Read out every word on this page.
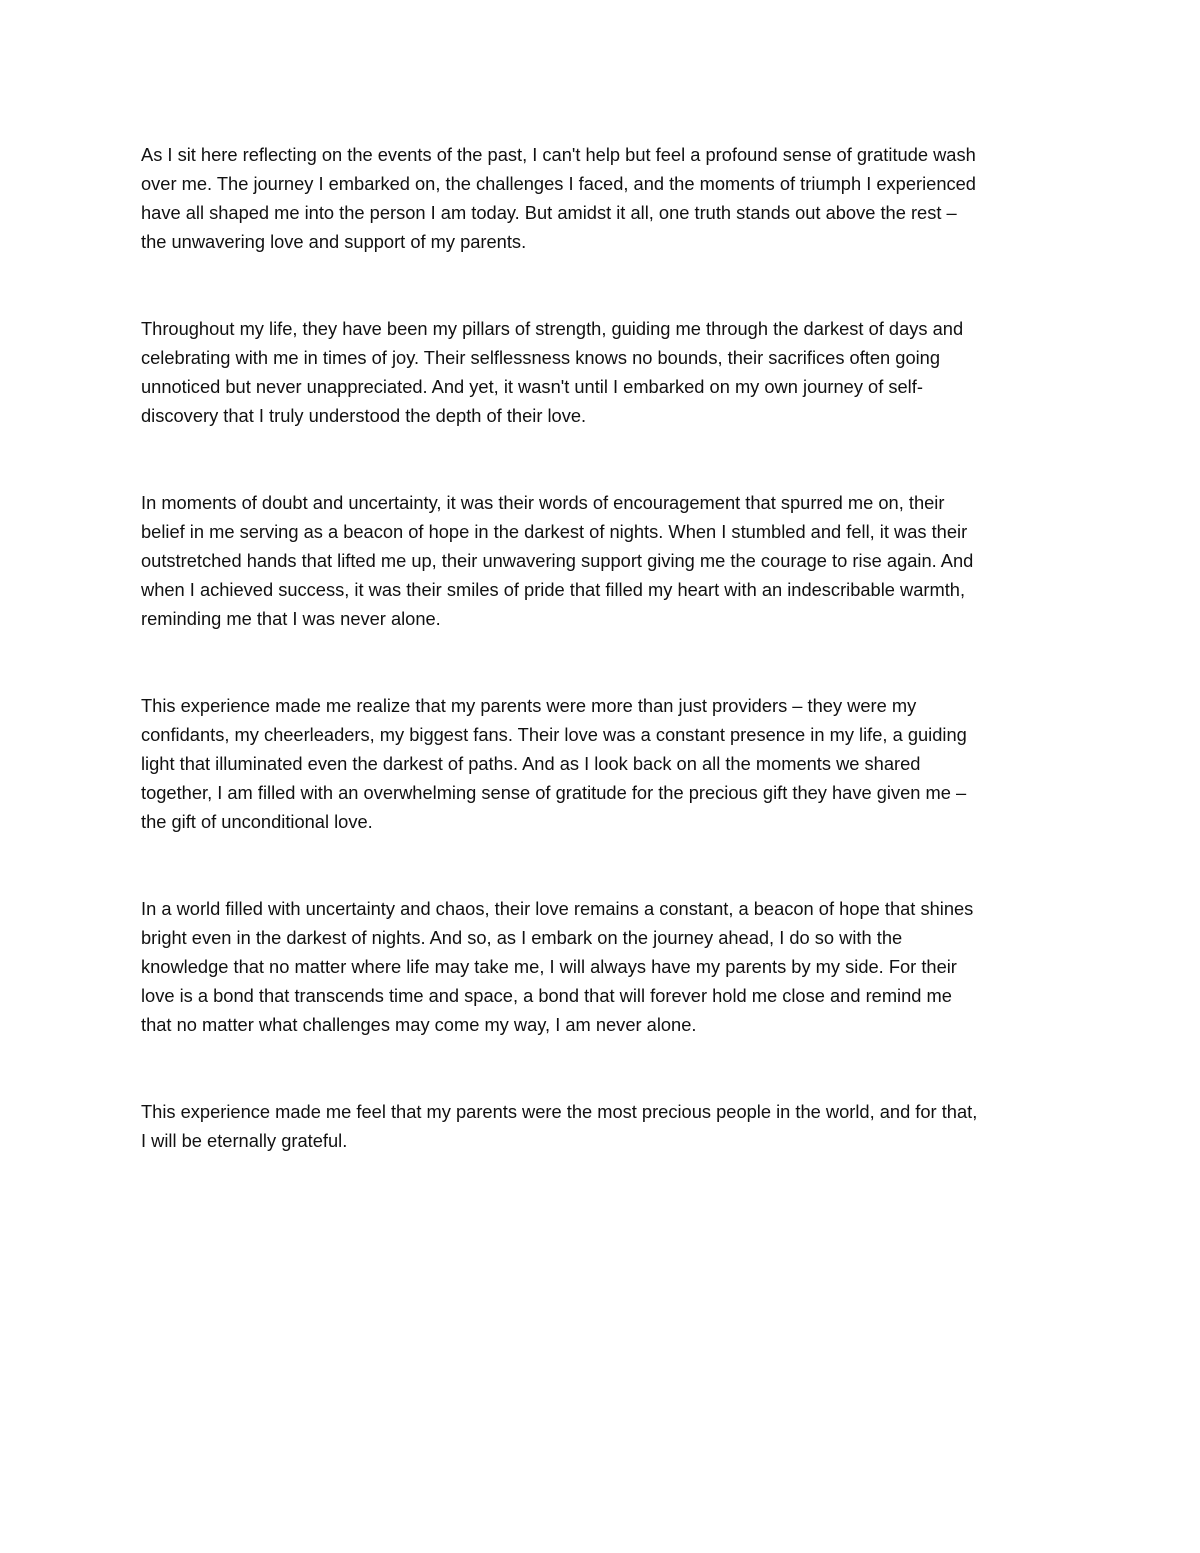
As I sit here reflecting on the events of the past, I can't help but feel a profound sense of gratitude wash
over me. The journey I embarked on, the challenges I faced, and the moments of triumph I experienced
have all shaped me into the person I am today. But amidst it all, one truth stands out above the rest –
the unwavering love and support of my parents.

Throughout my life, they have been my pillars of strength, guiding me through the darkest of days and
celebrating with me in times of joy. Their selflessness knows no bounds, their sacrifices often going
unnoticed but never unappreciated. And yet, it wasn't until I embarked on my own journey of self-
discovery that I truly understood the depth of their love.

In moments of doubt and uncertainty, it was their words of encouragement that spurred me on, their
belief in me serving as a beacon of hope in the darkest of nights. When I stumbled and fell, it was their
outstretched hands that lifted me up, their unwavering support giving me the courage to rise again. And
when I achieved success, it was their smiles of pride that filled my heart with an indescribable warmth,
reminding me that I was never alone.

This experience made me realize that my parents were more than just providers – they were my
confidants, my cheerleaders, my biggest fans. Their love was a constant presence in my life, a guiding
light that illuminated even the darkest of paths. And as I look back on all the moments we shared
together, I am filled with an overwhelming sense of gratitude for the precious gift they have given me –
the gift of unconditional love.

In a world filled with uncertainty and chaos, their love remains a constant, a beacon of hope that shines
bright even in the darkest of nights. And so, as I embark on the journey ahead, I do so with the
knowledge that no matter where life may take me, I will always have my parents by my side. For their
love is a bond that transcends time and space, a bond that will forever hold me close and remind me
that no matter what challenges may come my way, I am never alone.

This experience made me feel that my parents were the most precious people in the world, and for that,
I will be eternally grateful.
